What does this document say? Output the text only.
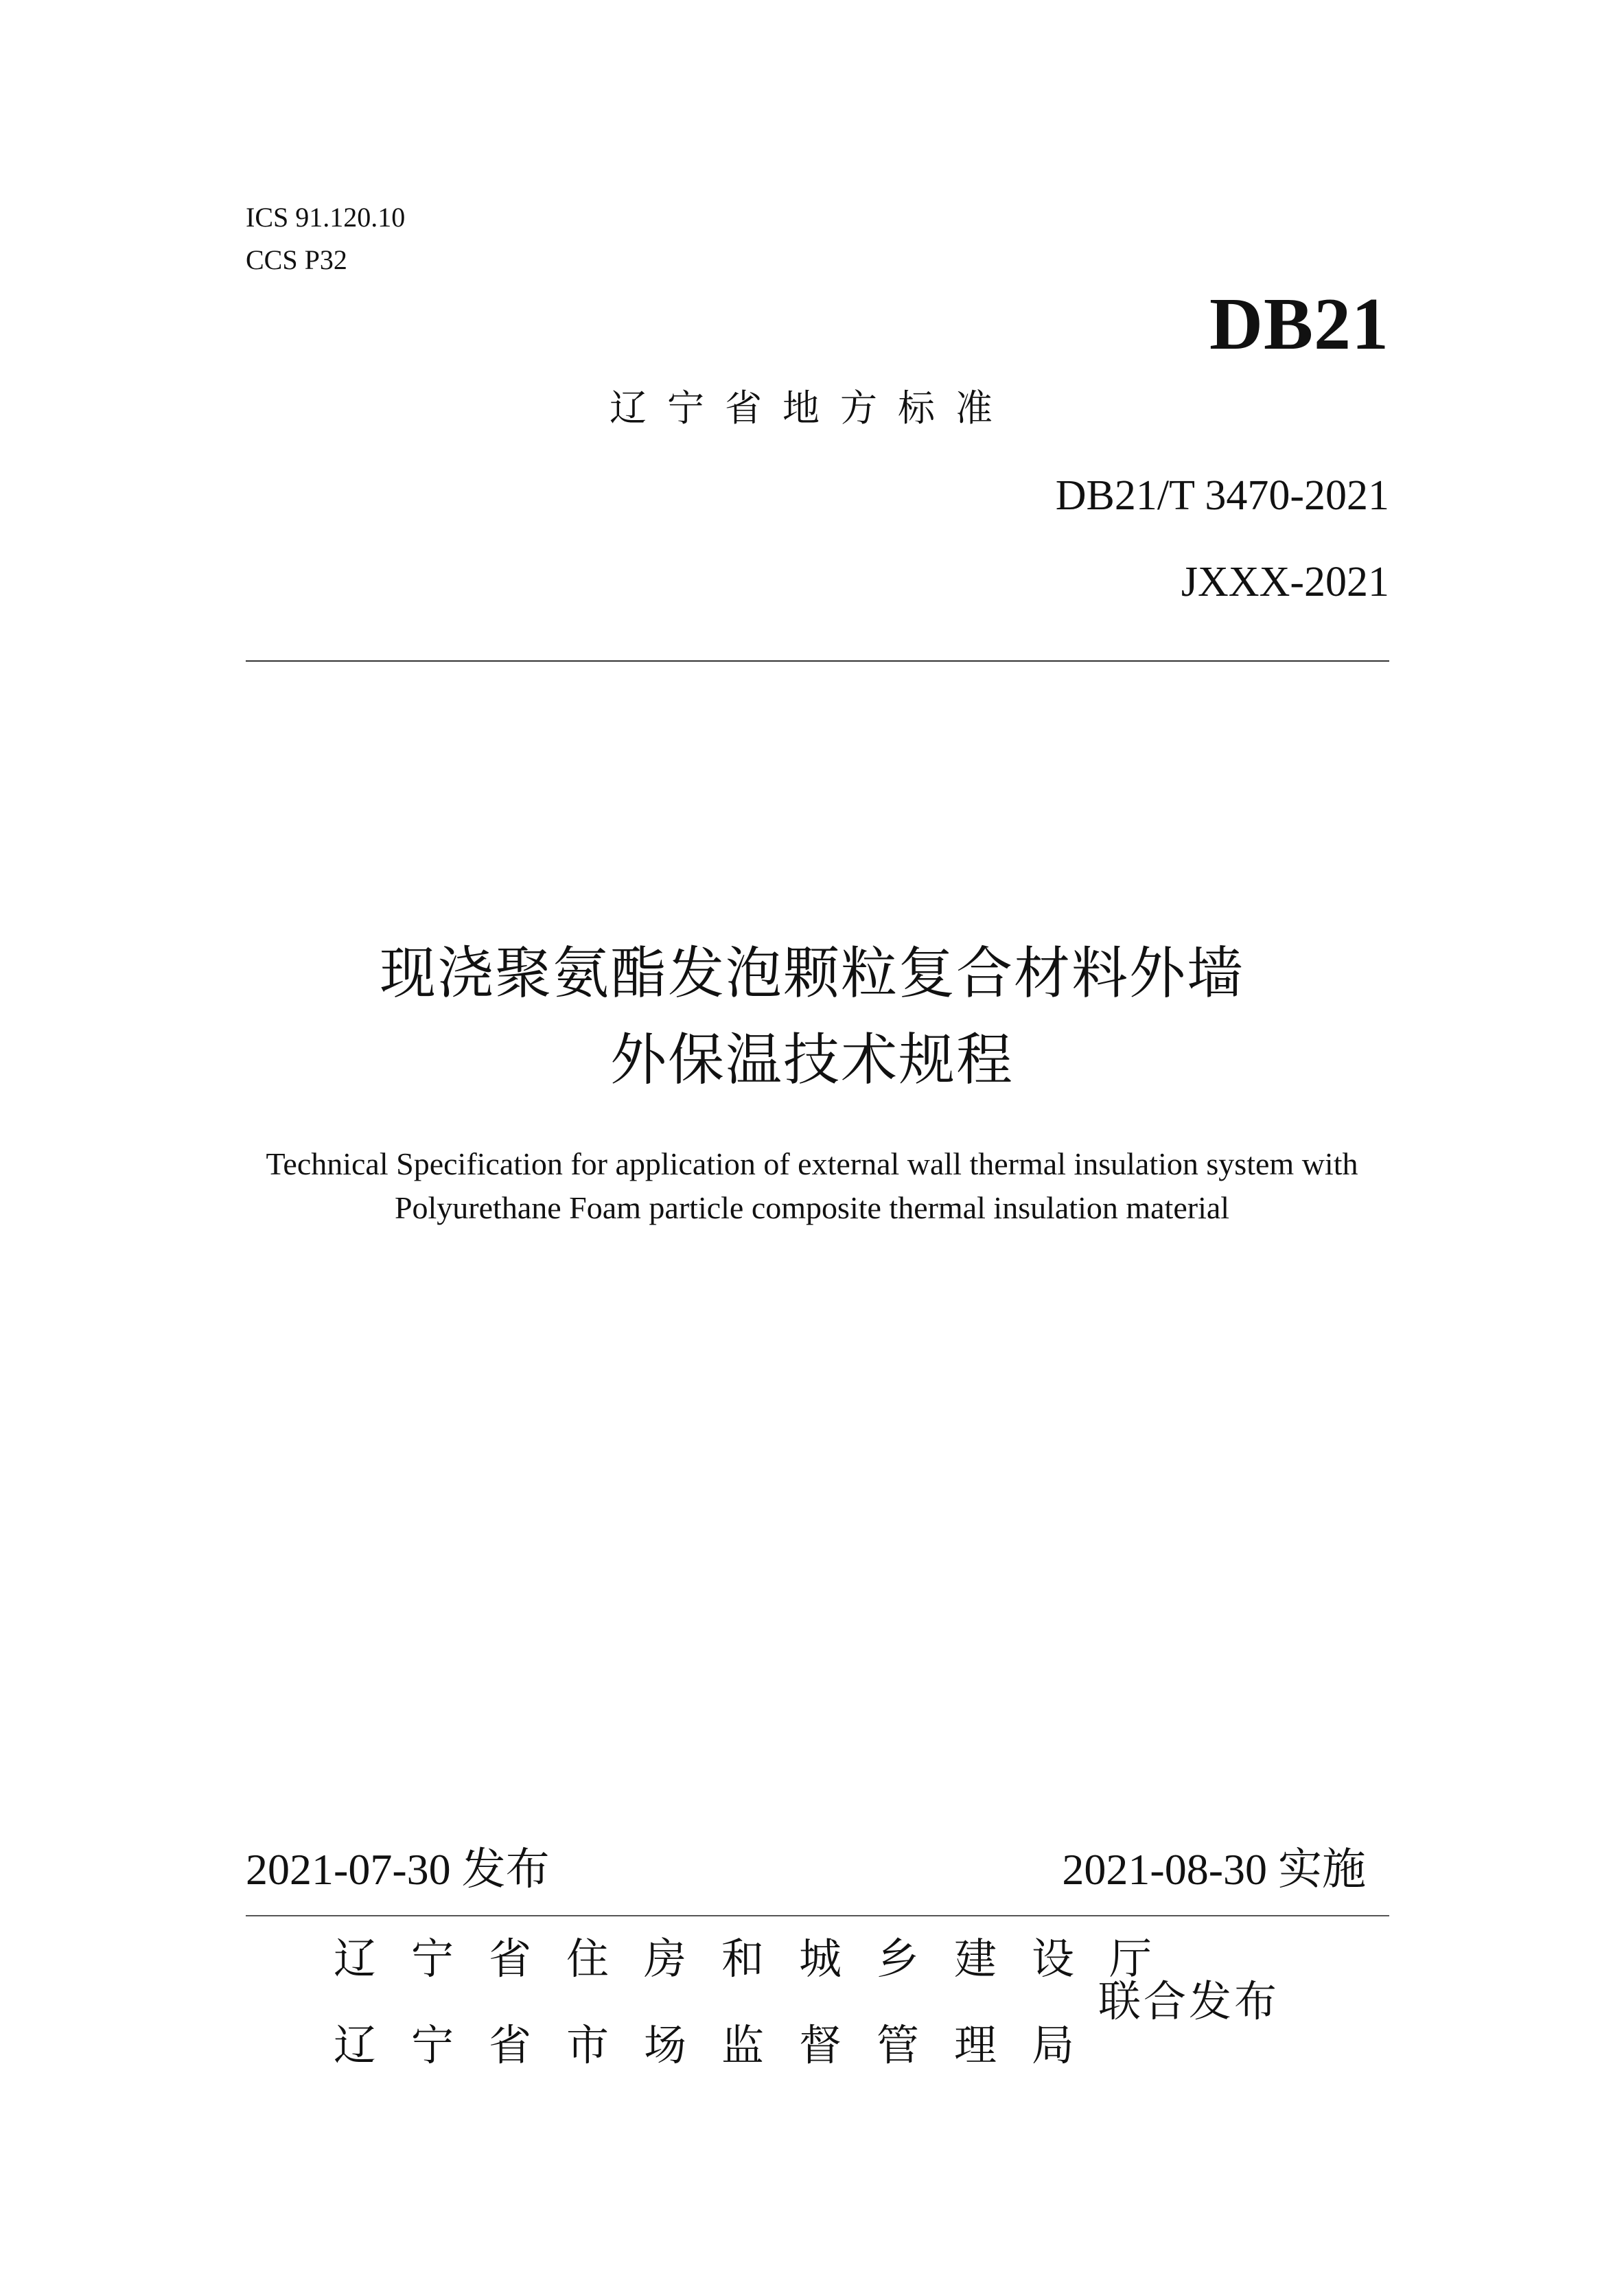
ICS 91.120.10
CCS P32
DB21
辽宁省地方标准
DB21/T 3470-2021
JXXX-2021
现浇聚氨酯发泡颗粒复合材料外墙
外保温技术规程
Technical Specification for application of external wall thermal insulation system with
Polyurethane Foam particle composite thermal insulation material
2021-07-30 发布	2021-08-30 实施
辽宁省住房和城乡建设厅
辽宁省市场监督管理局
联合发布
